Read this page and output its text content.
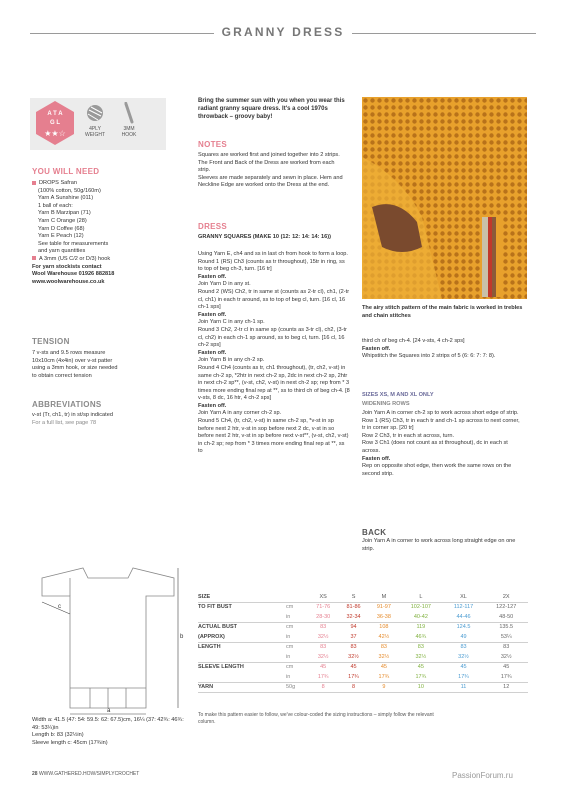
GRANNY DRESS
A T A
G L
★★☆	4PLY
WEIGHT
3MM
HOOK
YOU WILL NEED
DROPS Safran
(100% cotton, 50g/160m)
Yarn A Sunshine (011)
1 ball of each:
Yarn B Marzipan (71)
Yarn C Orange (28)
Yarn D Coffee (68)
Yarn E Peach (12)
See table for measurements
and yarn quantities
A 3mm (US C/2 or D/3) hook
For yarn stockists contact
Wool Warehouse 01926 882818
www.woolwarehouse.co.uk
TENSION
7 v-sts and 9.5 rows measure
10x10cm (4x4in) over v-st patter
using a 3mm hook, or size needed
to obtain correct tension
ABBREVIATIONS
v-st (Tr, ch1, tr) in st/sp indicated
For a full list, see page 78
Bring the summer sun with you when you wear this radiant granny square dress. It's a cool 1970s throwback – groovy baby!
NOTES
Squares are worked first and joined together into 2 strips. The Front and Back of the Dress are worked from each strip.
Sleeves are made separately and sewn in place. Hem and Neckline Edge are worked onto the Dress at the end.
DRESS
GRANNY SQUARES (MAKE 10 (12: 12: 14: 14: 16))
Using Yarn E, ch4 and ss in last ch from hook to form a loop.
Round 1 (RS) Ch3 (counts as tr throughout), 15tr in ring, ss to top of beg ch-3, turn. [16 tr]
Fasten off.
Join Yarn D in any st.
Round 2 (WS) Ch2, tr in same st (counts as 2-tr cl), ch1, (2-tr cl, ch1) in each tr around, ss to top of beg cl, turn. [16 cl, 16 ch-1 sps]
Fasten off.
Join Yarn C in any ch-1 sp.
Round 3 Ch2, 2-tr cl in same sp (counts as 3-tr cl), ch2, (3-tr cl, ch2) in each ch-1 sp around, ss to beg cl, turn. [16 cl, 16 ch-2 sps]
Fasten off.
Join Yarn B in any ch-2 sp.
Round 4 Ch4 (counts as tr, ch1 throughout), (tr, ch2, v-st) in same ch-2 sp, *2htr in next ch-2 sp, 2dc in next ch-2 sp, 2htr in next ch-2 sp**, (v-st, ch2, v-st) in next ch-2 sp; rep from * 3 times more ending final rep at **, ss to third ch of beg ch-4. [8 v-sts, 8 dc, 16 htr, 4 ch-2 sps]
Fasten off.
Join Yarn A in any corner ch-2 sp.
Round 5 Ch4, (tr, ch2, v-st) in same ch-2 sp, *v-st in sp before next 2 htr, v-st in sop before next 2 dc, v-st in so before next 2 htr, v-st in sp before next v-st**, (v-st, ch2, v-st) in ch-2 sp; rep from * 3 times more ending final rep at **, ss to
The airy stitch pattern of the main fabric is worked in trebles and chain stitches
third ch of beg ch-4. [24 v-sts, 4 ch-2 sps]
Fasten off.
Whipstitch the Squares into 2 strips of 5 (6: 6: 7: 7: 8).
SIZES XS, M AND XL ONLY
WIDENING ROWS
Join Yarn A in corner ch-2 sp to work across short edge of strip.
Row 1 (RS) Ch3, tr in each tr and ch-1 sp across to next corner, tr in corner sp. [20 tr]
Row 2 Ch3, tr in each st across, turn.
Row 3 Ch1 (does not count as st throughout), dc in each st across.
Fasten off.
Rep on opposite shot edge, then work the same rows on the second strip.
BACK
Join Yarn A in corner to work across long straight edge on one strip.
a
b
c
Width a: 41.5 (47: 54: 59.5: 62: 67.5)cm, 16¼ (37: 42¾: 46¾: 49: 53¼)in
Length b: 83 (32½in)
Sleeve length c: 45cm (17¾in)
SIZE		XS	S	M	L	XL	2X
TO FIT BUST	cm	71-76	81-86	91-97	102-107	112-117	122-127
	in	28-30	32-34	36-38	40-42	44-46	48-50
ACTUAL BUST	cm	83	94	108	119	124.5	135.5
(APPROX)	in	32½	37	42½	46¾	49	53¼
LENGTH	cm	83	83	83	83	83	83
	in	32½	32½	32½	32½	32½	32½
SLEEVE LENGTH	cm	45	45	45	45	45	45
	in	17¾	17¾	17¾	17¾	17¾	17¾
YARN	50g	8	8	9	10	11	12
To make this pattern easier to follow, we've colour-coded the sizing instructions – simply follow the relevant column.
28 WWW.GATHERED.HOW/SIMPLYCROCHET	PassionForum.ru
